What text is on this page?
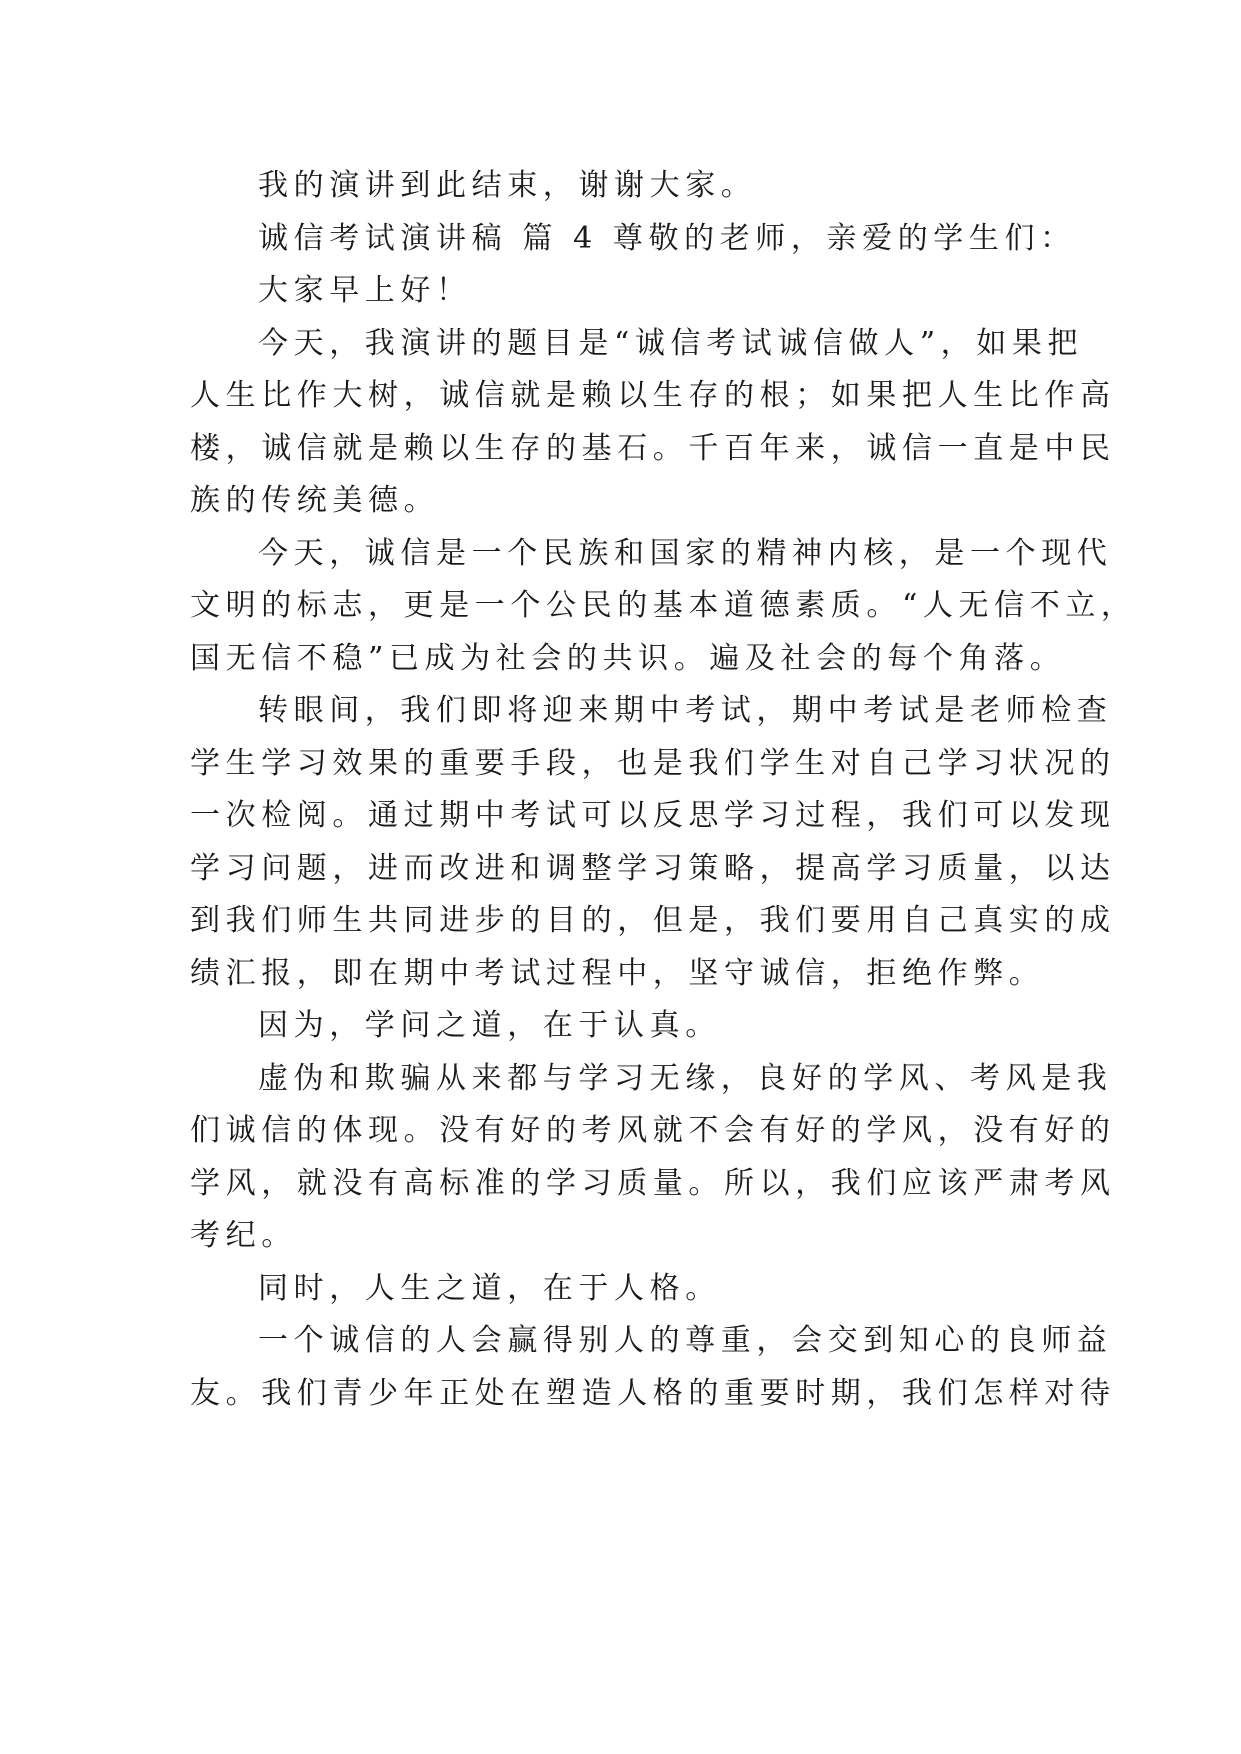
我的演讲到此结束，谢谢大家。
诚信考试演讲稿 篇 4 尊敬的老师，亲爱的学生们：
大家早上好！
今天，我演讲的题目是“诚信考试诚信做人”，如果把
人生比作大树，诚信就是赖以生存的根；如果把人生比作高
楼，诚信就是赖以生存的基石。千百年来，诚信一直是中民
族的传统美德。
今天，诚信是一个民族和国家的精神内核，是一个现代
文明的标志，更是一个公民的基本道德素质。“人无信不立，
国无信不稳”已成为社会的共识。遍及社会的每个角落。
转眼间，我们即将迎来期中考试，期中考试是老师检查
学生学习效果的重要手段，也是我们学生对自己学习状况的
一次检阅。通过期中考试可以反思学习过程，我们可以发现
学习问题，进而改进和调整学习策略，提高学习质量，以达
到我们师生共同进步的目的，但是，我们要用自己真实的成
绩汇报，即在期中考试过程中，坚守诚信，拒绝作弊。
因为，学问之道，在于认真。
虚伪和欺骗从来都与学习无缘，良好的学风、考风是我
们诚信的体现。没有好的考风就不会有好的学风，没有好的
学风，就没有高标准的学习质量。所以，我们应该严肃考风
考纪。
同时，人生之道，在于人格。
一个诚信的人会赢得别人的尊重，会交到知心的良师益
友。我们青少年正处在塑造人格的重要时期，我们怎样对待
